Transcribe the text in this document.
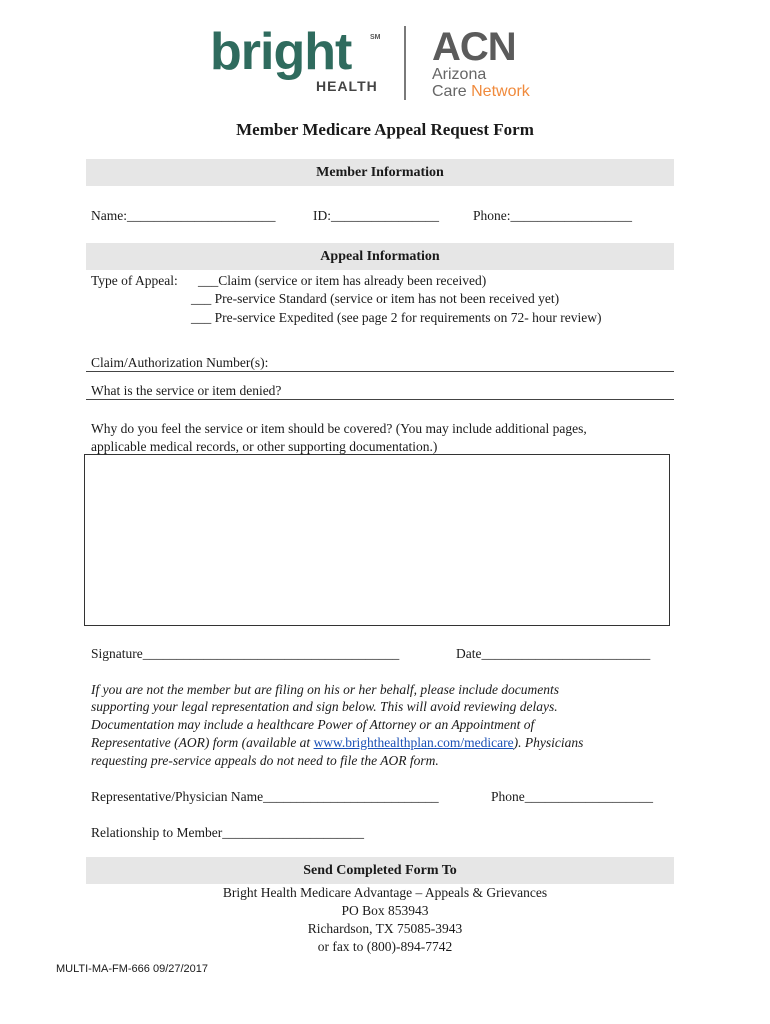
bright	SM
HEALTH
ACN
Arizona
Care Network
Member Medicare Appeal Request Form
Member Information
Name:______________________	ID:________________	Phone:__________________
Appeal Information
Type of Appeal: ___Claim (service or item has already been received)
___ Pre-service Standard (service or item has not been received yet)
___ Pre-service Expedited (see page 2 for requirements on 72- hour review)
Claim/Authorization Number(s):
What is the service or item denied?
Why do you feel the service or item should be covered? (You may include additional pages,
applicable medical records, or other supporting documentation.)
Signature______________________________________	Date_________________________
If you are not the member but are filing on his or her behalf, please include documents
supporting your legal representation and sign below. This will avoid reviewing delays.
Documentation may include a healthcare Power of Attorney or an Appointment of
Representative (AOR) form (available at www.brighthealthplan.com/medicare). Physicians
requesting pre-service appeals do not need to file the AOR form.
Representative/Physician Name__________________________	Phone___________________
Relationship to Member_____________________
Send Completed Form To
Bright Health Medicare Advantage – Appeals & Grievances
PO Box 853943
Richardson, TX 75085-3943
or fax to (800)-894-7742
MULTI-MA-FM-666 09/27/2017
